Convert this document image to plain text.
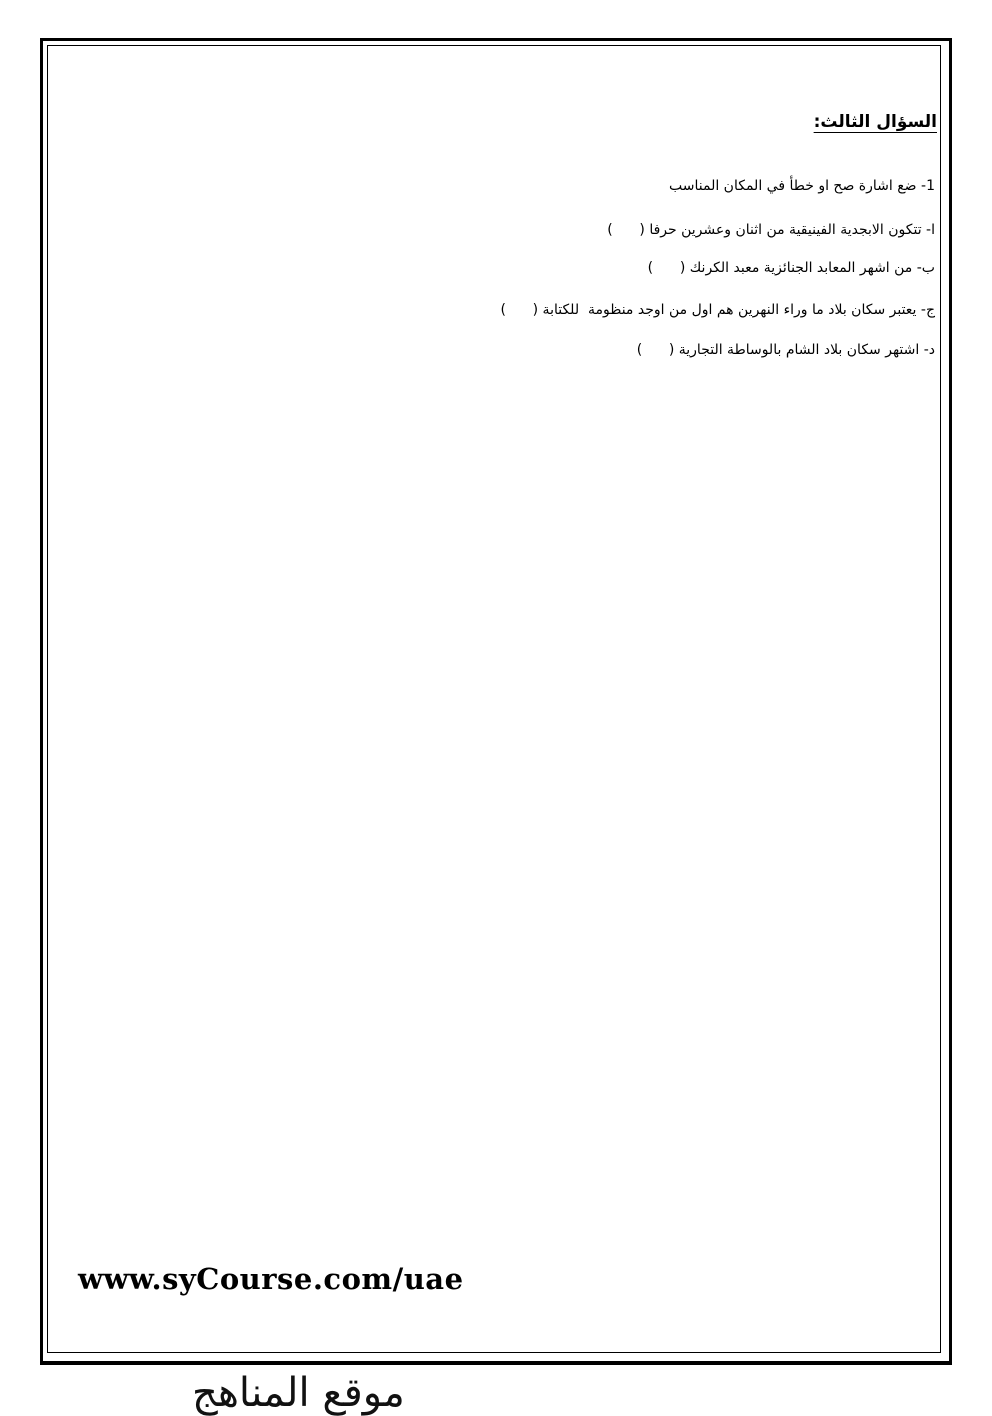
السؤال الثالث:
1- ضع اشارة صح او خطأ في المكان المناسب
ا- تتكون الابجدية الفينيقية من اثنان وعشرين حرفا (      )
ب- من اشهر المعابد الجنائزية معبد الكرنك (      )
ج- يعتبر سكان بلاد ما وراء النهرين هم اول من اوجد منظومة  للكتابة (      )
د- اشتهر سكان بلاد الشام بالوساطة التجارية (      )
www.syCourse.com/uae
موقع المناهج
